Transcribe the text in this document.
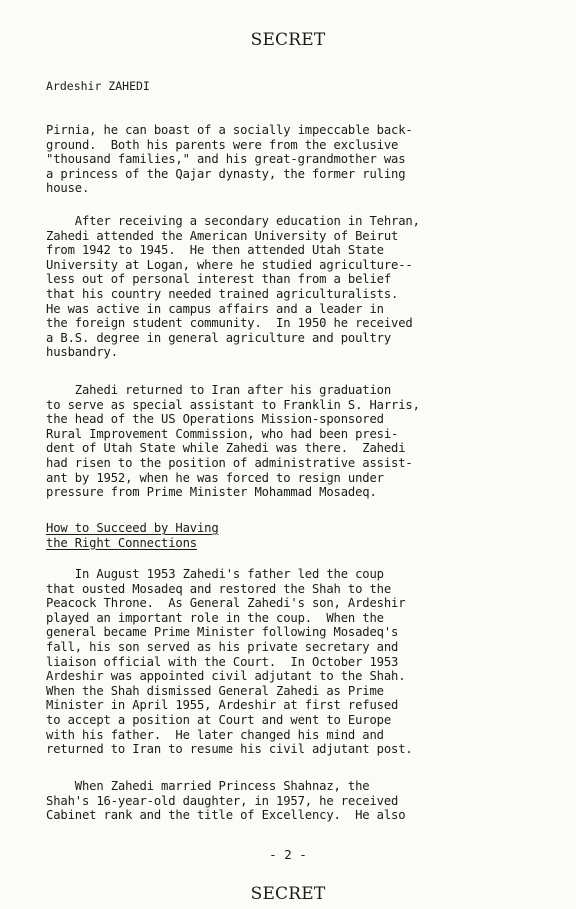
SECRET
Ardeshir ZAHEDI

Pirnia, he can boast of a socially impeccable back-
ground.  Both his parents were from the exclusive
"thousand families," and his great-grandmother was
a princess of the Qajar dynasty, the former ruling
house.

After receiving a secondary education in Tehran,
Zahedi attended the American University of Beirut
from 1942 to 1945.  He then attended Utah State
University at Logan, where he studied agriculture--
less out of personal interest than from a belief
that his country needed trained agriculturalists.
He was active in campus affairs and a leader in
the foreign student community.  In 1950 he received
a B.S. degree in general agriculture and poultry
husbandry.

Zahedi returned to Iran after his graduation
to serve as special assistant to Franklin S. Harris,
the head of the US Operations Mission-sponsored
Rural Improvement Commission, who had been presi-
dent of Utah State while Zahedi was there.  Zahedi
had risen to the position of administrative assist-
ant by 1952, when he was forced to resign under
pressure from Prime Minister Mohammad Mosadeq.

How to Succeed by Having
the Right Connections

In August 1953 Zahedi's father led the coup
that ousted Mosadeq and restored the Shah to the
Peacock Throne.  As General Zahedi's son, Ardeshir
played an important role in the coup.  When the
general became Prime Minister following Mosadeq's
fall, his son served as his private secretary and
liaison official with the Court.  In October 1953
Ardeshir was appointed civil adjutant to the Shah.
When the Shah dismissed General Zahedi as Prime
Minister in April 1955, Ardeshir at first refused
to accept a position at Court and went to Europe
with his father.  He later changed his mind and
returned to Iran to resume his civil adjutant post.

When Zahedi married Princess Shahnaz, the
Shah's 16-year-old daughter, in 1957, he received
Cabinet rank and the title of Excellency.  He also

- 2 -
SECRET
